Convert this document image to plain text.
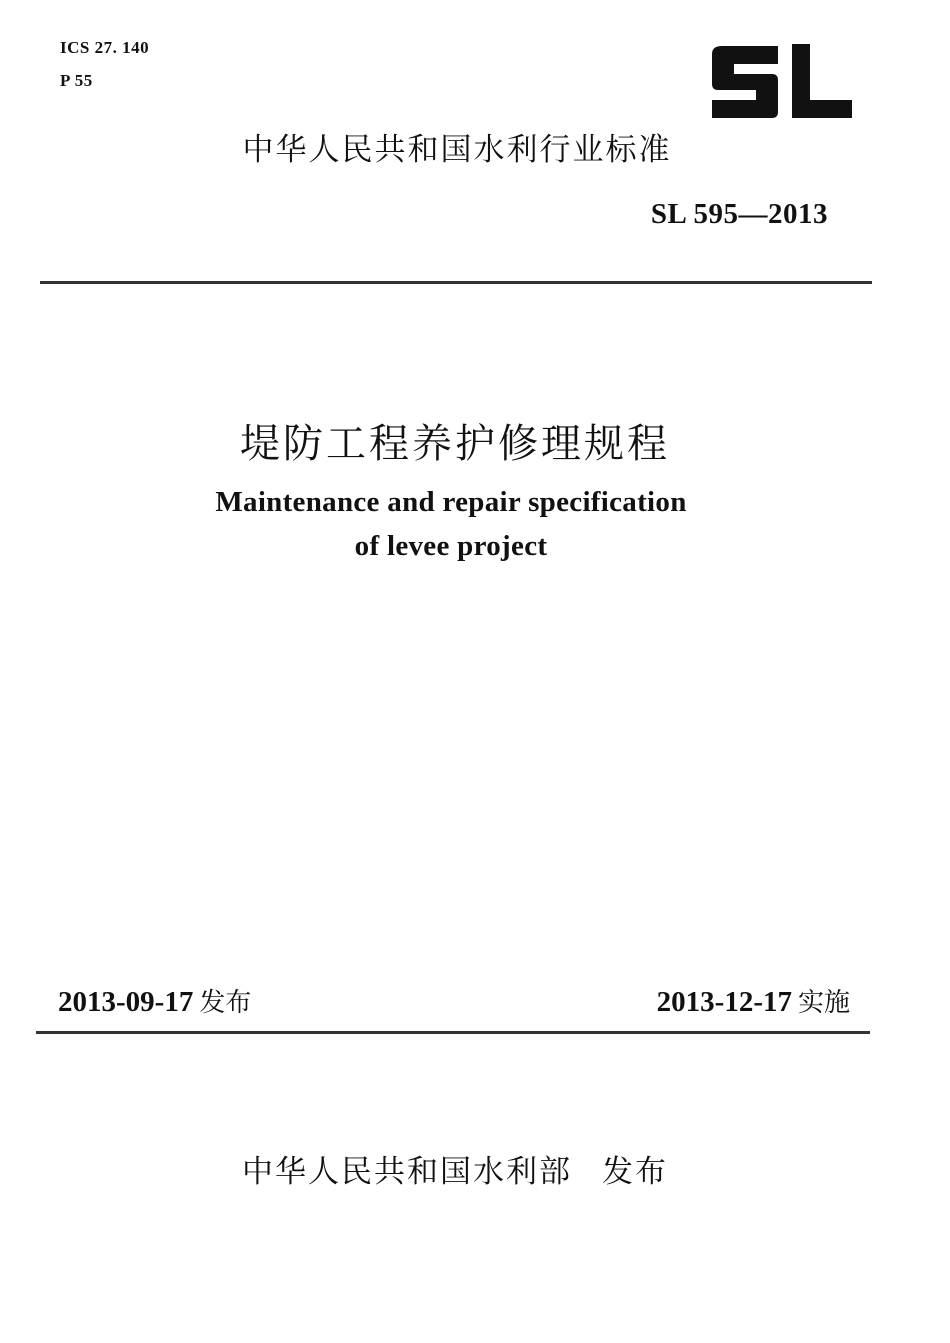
ICS 27. 140
P 55
中华人民共和国水利行业标准
SL 595—2013
堤防工程养护修理规程
Maintenance and repair specification
of levee project
2013-09-17 发布	2013-12-17 实施
中华人民共和国水利部 发布
